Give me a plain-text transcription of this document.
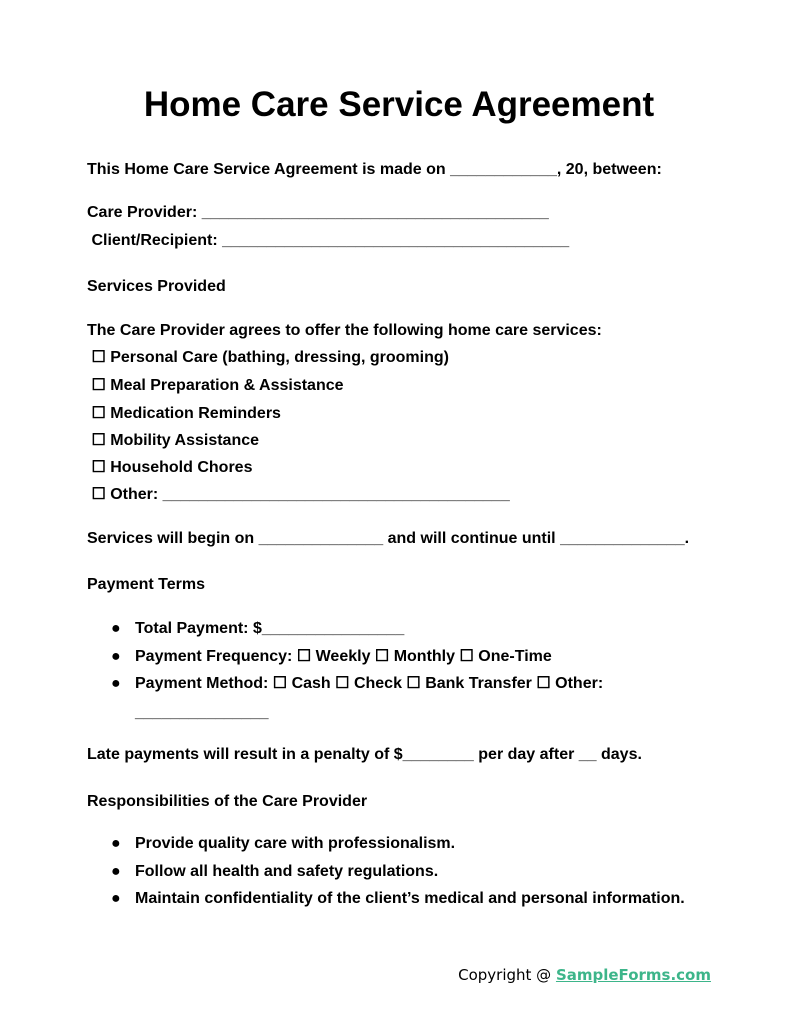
Home Care Service Agreement

This Home Care Service Agreement is made on ____________, 20, between:

Care Provider: _______________________________________

Client/Recipient: _______________________________________

Services Provided

The Care Provider agrees to offer the following home care services:

☐ Personal Care (bathing, dressing, grooming)

☐ Meal Preparation & Assistance

☐ Medication Reminders

☐ Mobility Assistance

☐ Household Chores

☐ Other: _______________________________________

Services will begin on ______________ and will continue until ______________.

Payment Terms

● Total Payment: $________________
● Payment Frequency: ☐ Weekly ☐ Monthly ☐ One-Time
● Payment Method: ☐ Cash ☐ Check ☐ Bank Transfer ☐ Other:
_______________

Late payments will result in a penalty of $________ per day after __ days.

Responsibilities of the Care Provider

● Provide quality care with professionalism.
● Follow all health and safety regulations.
● Maintain confidentiality of the client’s medical and personal information.
Copyright @ SampleForms.com
